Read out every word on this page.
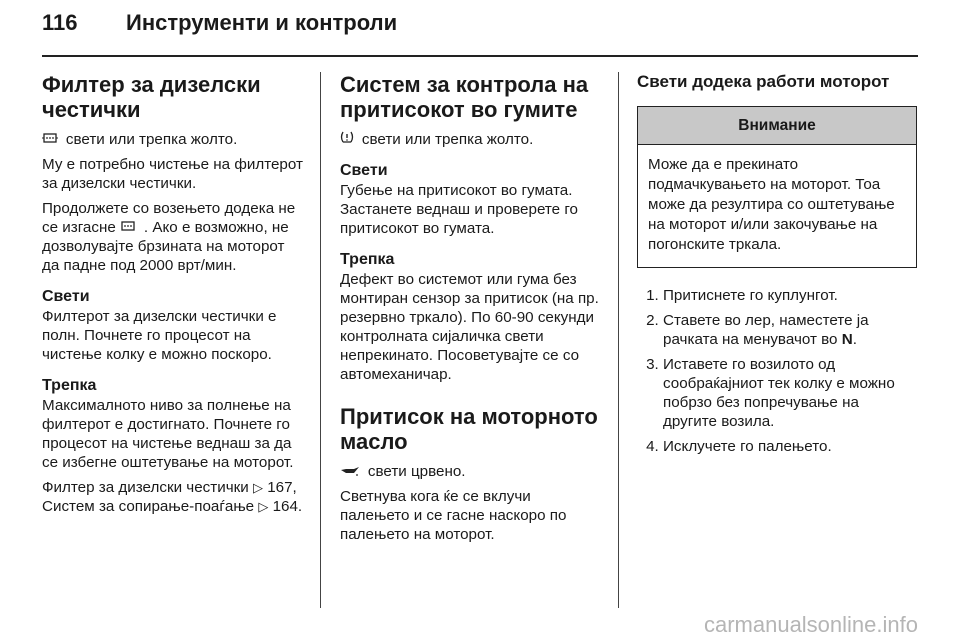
116 Инструменти и контроли
Филтер за дизелски честички

свети или трепка жолто.

Му е потребно чистење на филтерот за дизелски честички.

Продолжете со возењето додека не се изгасне . Ако е возможно, не дозволувајте брзината на моторот да падне под 2000 врт/мин.

Свети

Филтерот за дизелски честички е полн. Почнете го процесот на чистење колку е можно поскоро.

Трепка

Максималното ниво за полнење на филтерот е достигнато. Почнете го процесот на чистење веднаш за да се избегне оштетување на моторот.

Филтер за дизелски честички ▷ 167, Систем за сопирање-поаѓање ▷ 164.

Систем за контрола на притисокот во гумите

свети или трепка жолто.

Свети

Губење на притисокот во гумата. Застанете веднаш и проверете го притисокот во гумата.

Трепка

Дефект во системот или гума без монтиран сензор за притисок (на пр. резервно тркало). По 60-90 секунди контролната сијаличка свети непрекинато. Посоветувајте се со автомеханичар.

Притисок на моторното масло

свети црвено.

Светнува кога ќе се вклучи палењето и се гасне наскоро по палењето на моторот.

Свети додека работи моторот
Внимание
Може да е прекинато подмачкувањето на моторот. Тоа може да резултира со оштетување на моторот и/или закочување на погонските тркала.
1. Притиснете го куплунгот.
2. Ставете во лер, наместете ја рачката на менувачот во N.
3. Иставете го возилото од сообраќајниот тек колку е можно побрзо без попречување на другите возила.
4. Исклучете го палењето.
carmanualsonline.info
